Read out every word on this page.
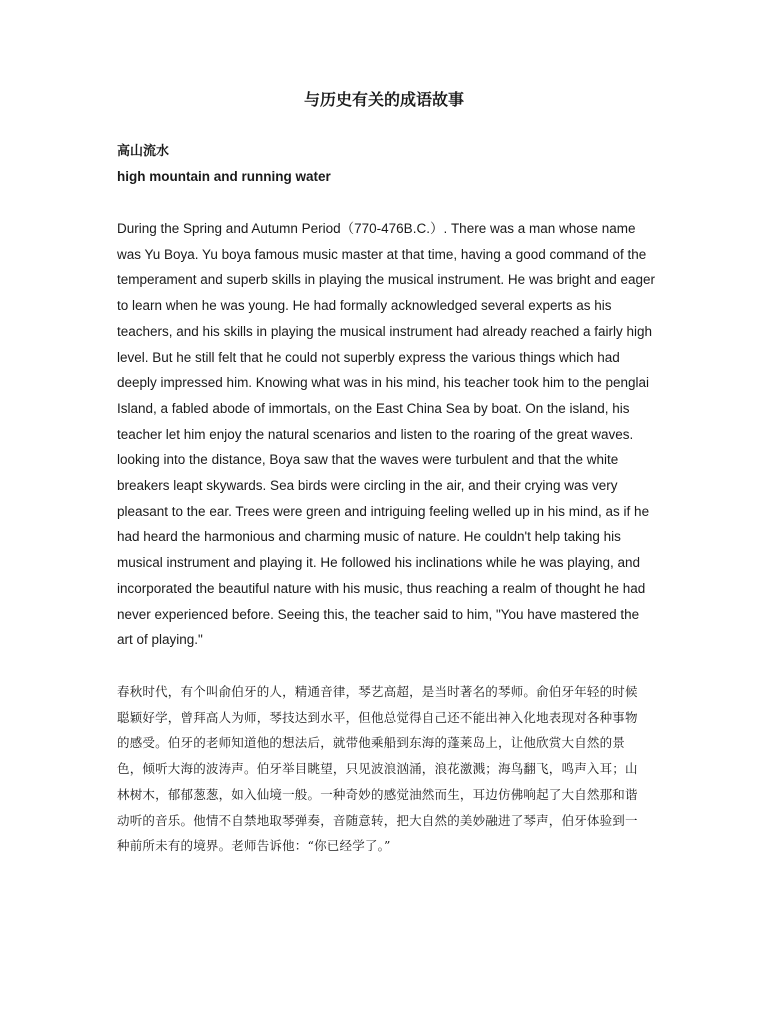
与历史有关的成语故事
高山流水
high mountain and running water

During the Spring and Autumn Period（770-476B.C.）. There was a man whose name was Yu Boya. Yu boya famous music master at that time, having a good command of the temperament and superb skills in playing the musical instrument. He was bright and eager to learn when he was young. He had formally acknowledged several experts as his teachers, and his skills in playing the musical instrument had already reached a fairly high level. But he still felt that he could not superbly express the various things which had deeply impressed him. Knowing what was in his mind, his teacher took him to the penglai Island, a fabled abode of immortals, on the East China Sea by boat. On the island, his teacher let him enjoy the natural scenarios and listen to the roaring of the great waves. looking into the distance, Boya saw that the waves were turbulent and that the white breakers leapt skywards. Sea birds were circling in the air, and their crying was very pleasant to the ear. Trees were green and intriguing feeling welled up in his mind, as if he had heard the harmonious and charming music of nature. He couldn't help taking his musical instrument and playing it. He followed his inclinations while he was playing, and incorporated the beautiful nature with his music, thus reaching a realm of thought he had never experienced before. Seeing this, the teacher said to him, "You have mastered the art of playing."

春秋时代，有个叫俞伯牙的人，精通音律，琴艺高超，是当时著名的琴师。俞伯牙年轻的时候聪颖好学，曾拜高人为师，琴技达到水平，但他总觉得自己还不能出神入化地表现对各种事物的感受。伯牙的老师知道他的想法后，就带他乘船到东海的蓬莱岛上，让他欣赏大自然的景色，倾听大海的波涛声。伯牙举目眺望，只见波浪汹涌，浪花激溅；海鸟翻飞，鸣声入耳；山林树木，郁郁葱葱，如入仙境一般。一种奇妙的感觉油然而生，耳边仿佛响起了大自然那和谐动听的音乐。他情不自禁地取琴弹奏，音随意转，把大自然的美妙融进了琴声，伯牙体验到一种前所未有的境界。老师告诉他：“你已经学了。”
